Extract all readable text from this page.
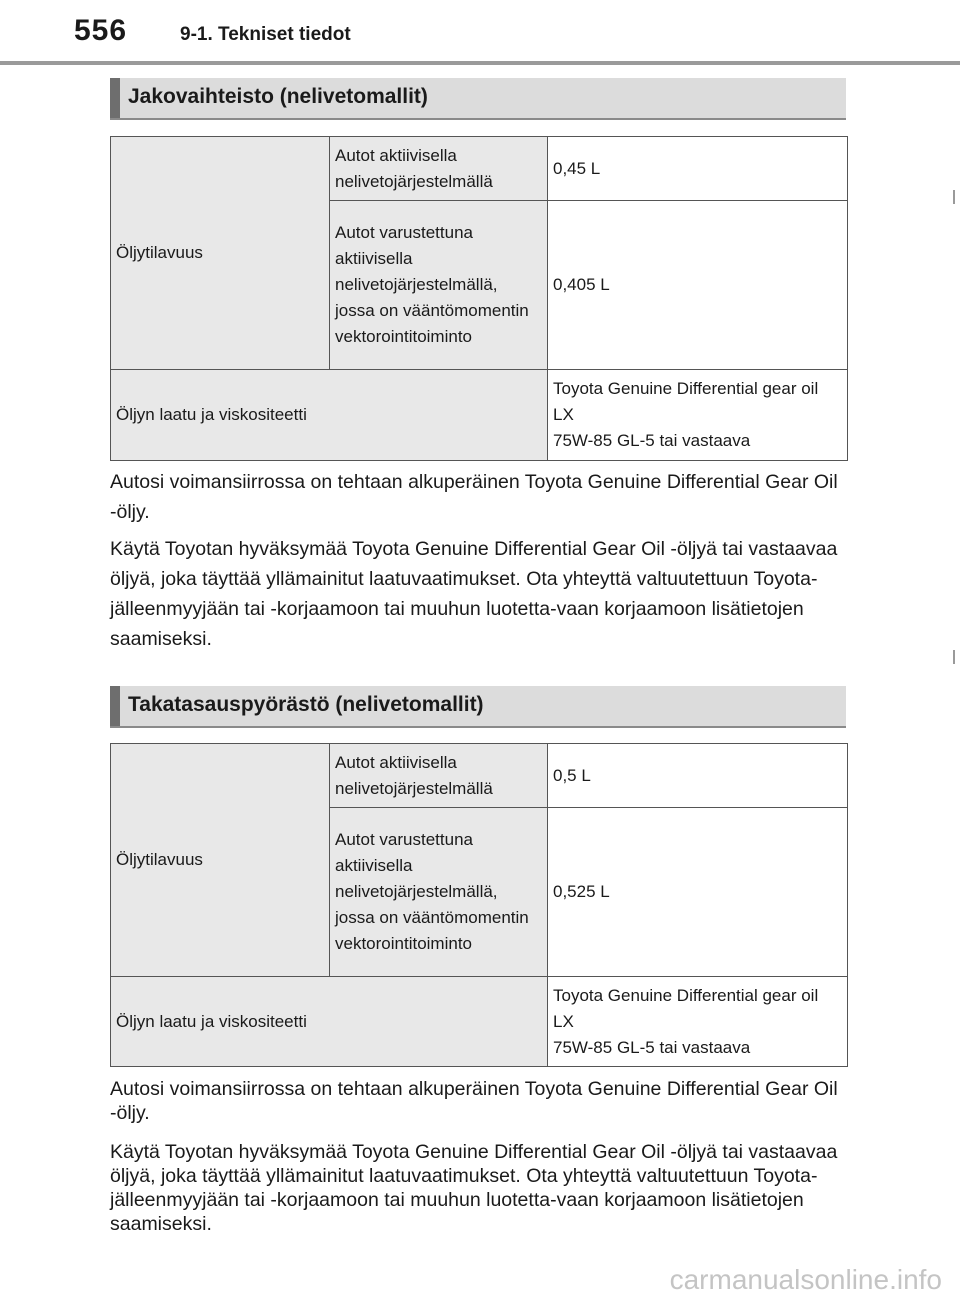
556	9-1. Tekniset tiedot
Jakovaihteisto (nelivetomallit)
Öljytilavuus	Autot aktiivisella nelivetojärjestelmällä	0,45 L
	Autot varustettuna aktiivisella nelivetojärjestelmällä, jossa on vääntömomentin vektorointitoiminto	0,405 L
Öljyn laatu ja viskositeetti		Toyota Genuine Differential gear oil LX
75W-85 GL-5 tai vastaava

Autosi voimansiirrossa on tehtaan alkuperäinen Toyota Genuine Differential Gear Oil -öljy.

Käytä Toyotan hyväksymää Toyota Genuine Differential Gear Oil -öljyä tai vastaavaa öljyä, joka täyttää yllämainitut laatuvaatimukset. Ota yhteyttä valtuutettuun Toyota-jälleenmyyjään tai -korjaamoon tai muuhun luotetta-vaan korjaamoon lisätietojen saamiseksi.

Takatasauspyörästö (nelivetomallit)
Öljytilavuus	Autot aktiivisella nelivetojärjestelmällä	0,5 L
	Autot varustettuna aktiivisella nelivetojärjestelmällä, jossa on vääntömomentin vektorointitoiminto	0,525 L
Öljyn laatu ja viskositeetti		Toyota Genuine Differential gear oil LX
75W-85 GL-5 tai vastaava

Autosi voimansiirrossa on tehtaan alkuperäinen Toyota Genuine Differential Gear Oil -öljy.

Käytä Toyotan hyväksymää Toyota Genuine Differential Gear Oil -öljyä tai vastaavaa öljyä, joka täyttää yllämainitut laatuvaatimukset. Ota yhteyttä valtuutettuun Toyota-jälleenmyyjään tai -korjaamoon tai muuhun luotetta-vaan korjaamoon lisätietojen saamiseksi.

carmanualsonline.info
